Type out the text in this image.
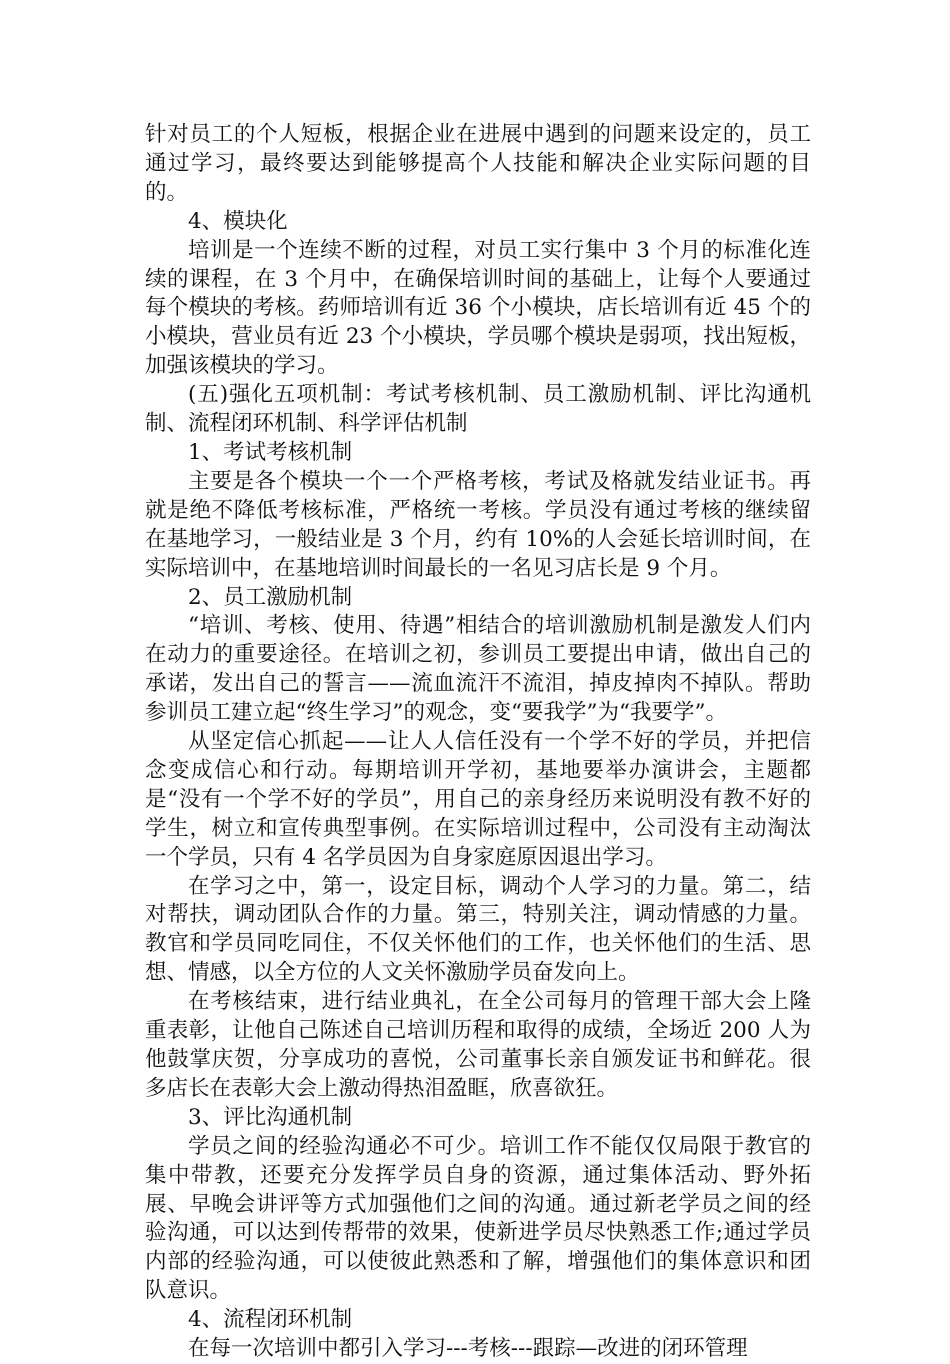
针对员工的个人短板，根据企业在进展中遇到的问题来设定的，员工通过学习，最终要达到能够提高个人技能和解决企业实际问题的目的。

4、模块化

培训是一个连续不断的过程，对员工实行集中 3 个月的标准化连续的课程，在 3 个月中，在确保培训时间的基础上，让每个人要通过每个模块的考核。药师培训有近 36 个小模块，店长培训有近 45 个的小模块，营业员有近 23 个小模块，学员哪个模块是弱项，找出短板，加强该模块的学习。

(五)强化五项机制：考试考核机制、员工激励机制、评比沟通机制、流程闭环机制、科学评估机制

1、考试考核机制

主要是各个模块一个一个严格考核，考试及格就发结业证书。再就是绝不降低考核标准，严格统一考核。学员没有通过考核的继续留在基地学习，一般结业是 3 个月，约有 10%的人会延长培训时间，在实际培训中，在基地培训时间最长的一名见习店长是 9 个月。

2、员工激励机制

“培训、考核、使用、待遇”相结合的培训激励机制是激发人们内在动力的重要途径。在培训之初，参训员工要提出申请，做出自己的承诺，发出自己的誓言——流血流汗不流泪，掉皮掉肉不掉队。帮助参训员工建立起“终生学习”的观念，变“要我学”为“我要学”。

从坚定信心抓起——让人人信任没有一个学不好的学员，并把信念变成信心和行动。每期培训开学初，基地要举办演讲会，主题都是“没有一个学不好的学员”，用自己的亲身经历来说明没有教不好的学生，树立和宣传典型事例。在实际培训过程中，公司没有主动淘汰一个学员，只有 4 名学员因为自身家庭原因退出学习。

在学习之中，第一，设定目标，调动个人学习的力量。第二，结对帮扶，调动团队合作的力量。第三，特别关注，调动情感的力量。教官和学员同吃同住，不仅关怀他们的工作，也关怀他们的生活、思想、情感，以全方位的人文关怀激励学员奋发向上。

在考核结束，进行结业典礼，在全公司每月的管理干部大会上隆重表彰，让他自己陈述自己培训历程和取得的成绩，全场近 200 人为他鼓掌庆贺，分享成功的喜悦，公司董事长亲自颁发证书和鲜花。很多店长在表彰大会上激动得热泪盈眶，欣喜欲狂。

3、评比沟通机制

学员之间的经验沟通必不可少。培训工作不能仅仅局限于教官的集中带教，还要充分发挥学员自身的资源，通过集体活动、野外拓展、早晚会讲评等方式加强他们之间的沟通。通过新老学员之间的经验沟通，可以达到传帮带的效果，使新进学员尽快熟悉工作;通过学员内部的经验沟通，可以使彼此熟悉和了解，增强他们的集体意识和团队意识。

4、流程闭环机制

在每一次培训中都引入学习---考核---跟踪—改进的闭环管理
